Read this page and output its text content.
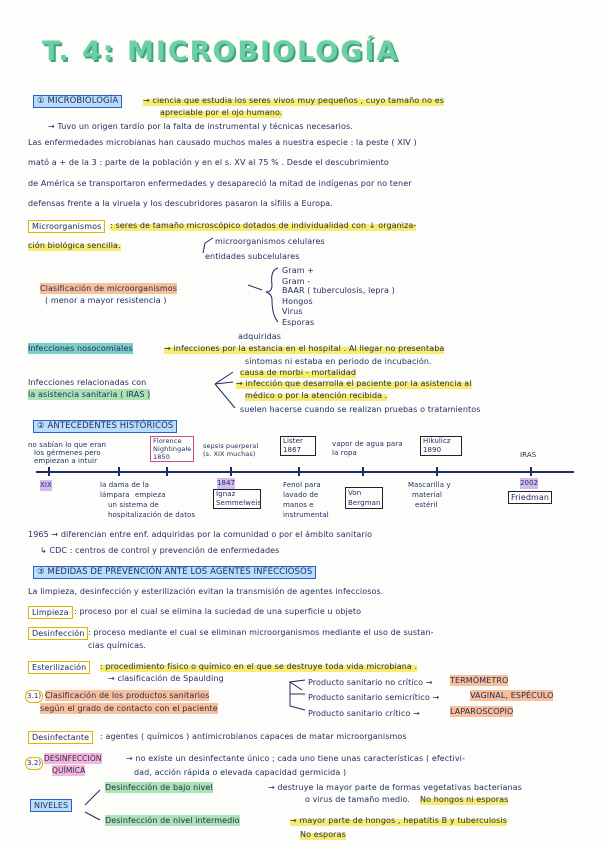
T. 4: MICROBIOLOGÍA
① MICROBIOLOGÍA	→ ciencia que estudia los seres vivos muy pequeños , cuyo tamaño no es
apreciable por el ojo humano.
→ Tuvo un origen tardío por la falta de instrumental y técnicas necesarios.
Las enfermedades microbianas han causado muchos males a nuestra especie : la peste ( XIV )
mató a + de la 3 : parte de la población y en el s. XV al 75 % . Desde el descubrimiento
de América se transportaron enfermedades y desapareció la mitad de indígenas por no tener
defensas frente a la viruela y los descubridores pasaron la sífilis a Europa.
Microorganismos	: seres de tamaño microscópico dotados de individualidad con ↓ organiza-
ción biológica sencilla.	microorganismos celulares
entidades subcelulares
Clasificación de microorganismos
( menor a mayor resistencia )
Gram +
Gram -
BAAR ( tuberculosis, lepra )
Hongos
Virus
Esporas
adquiridas
Infecciones nosocomiales	→ infecciones por la estancia en el hospital . Al llegar no presentaba
síntomas ni estaba en periodo de incubación.
Infecciones relacionadas con
la asistencia sanitaria ( IRAS )
causa de morbi - mortalidad
→ infección que desarrolla el paciente por la asistencia al
médico o por la atención recibida .
suelen hacerse cuando se realizan pruebas o tratamientos
② ANTECEDENTES HISTÓRICOS
no sabían lo que eran
los gérmenes pero
empiezan a intuir
Florence Nightingale 1850
sepsis puerperal (s. XIX muchas)
Lister 1867
vapor de agua para la ropa
Hikulicz 1890
IRAS
XIX	la dama de la
lámpara empieza
un sistema de
hospitalización de datos
1847
Ignaz Semmelweis
Fenol para
lavado de
manos e
instrumental
Von Bergman
Mascarilla y
material
estéril
2002
Friedman
1965 → diferencian entre enf. adquiridas por la comunidad o por el ámbito sanitario
↳ CDC : centros de control y prevención de enfermedades
③ MEDIDAS DE PREVENCIÓN ANTE LOS AGENTES INFECCIOSOS
La limpieza, desinfección y esterilización evitan la transmisión de agentes infecciosos.
Limpieza : proceso por el cual se elimina la suciedad de una superficie u objeto
Desinfección : proceso mediante el cual se eliminan microorganismos mediante el uso de sustan-
cias químicas.
Esterilización	: procedimiento físico o químico en el que se destruye toda vida microbiana .
→ clasificación de Spaulding
3.1) Clasificación de los productos sanitarios
según el grado de contacto con el paciente
Producto sanitario no crítico → TERMÓMETRO
Producto sanitario semicrítico →	VAGINAL, ESPÉCULO
Producto sanitario crítico →	LAPAROSCOPIO
Desinfectante	: agentes ( químicos ) antimicrobianos capaces de matar microorganismos
3.2) DESINFECCIÓN
QUÍMICA
→ no existe un desinfectante único ; cada uno tiene unas características ( efectivi-
dad, acción rápida o elevada capacidad germicida )
NIVELES
Desinfección de bajo nivel	→ destruye la mayor parte de formas vegetativas bacterianas
o virus de tamaño medio. No hongos ni esporas
Desinfección de nivel intermedio	→ mayor parte de hongos , hepatitis B y tuberculosis
No esporas
